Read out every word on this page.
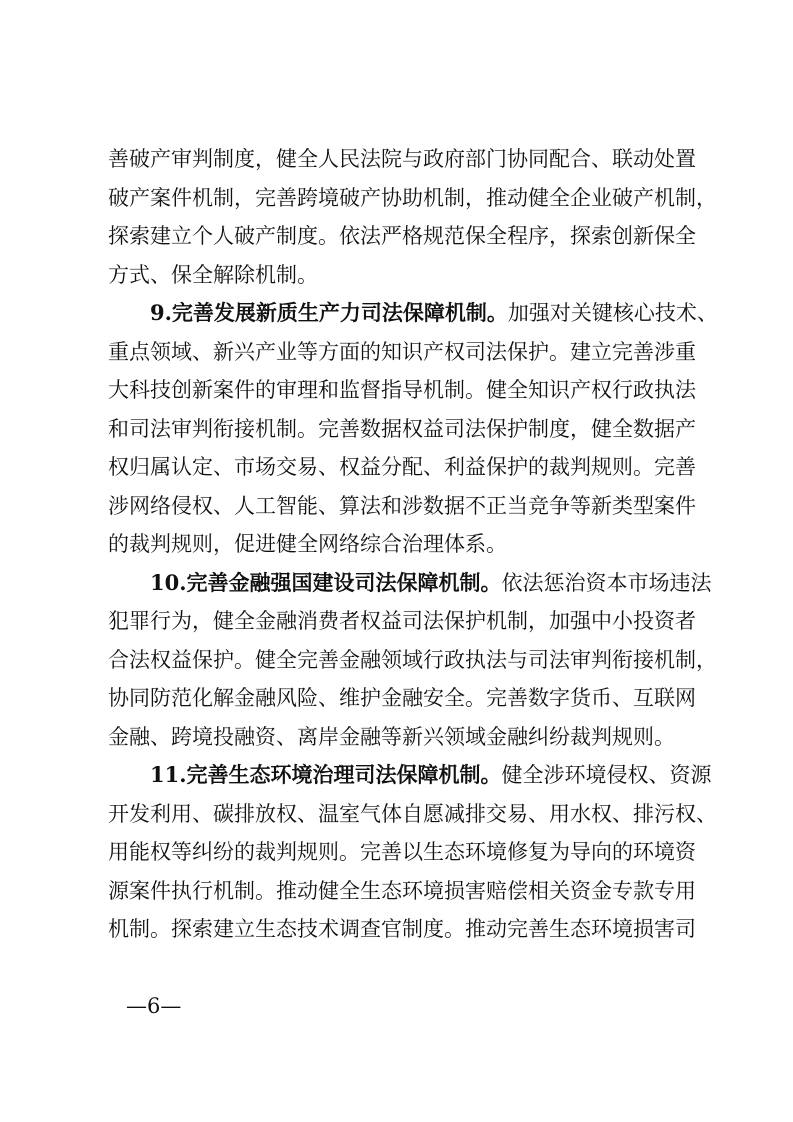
善破产审判制度，健全人民法院与政府部门协同配合、联动处置
破产案件机制，完善跨境破产协助机制，推动健全企业破产机制，
探索建立个人破产制度。依法严格规范保全程序，探索创新保全
方式、保全解除机制。
9.完善发展新质生产力司法保障机制。加强对关键核心技术、
重点领域、新兴产业等方面的知识产权司法保护。建立完善涉重
大科技创新案件的审理和监督指导机制。健全知识产权行政执法
和司法审判衔接机制。完善数据权益司法保护制度，健全数据产
权归属认定、市场交易、权益分配、利益保护的裁判规则。完善
涉网络侵权、人工智能、算法和涉数据不正当竞争等新类型案件
的裁判规则，促进健全网络综合治理体系。
10.完善金融强国建设司法保障机制。依法惩治资本市场违法
犯罪行为，健全金融消费者权益司法保护机制，加强中小投资者
合法权益保护。健全完善金融领域行政执法与司法审判衔接机制，
协同防范化解金融风险、维护金融安全。完善数字货币、互联网
金融、跨境投融资、离岸金融等新兴领域金融纠纷裁判规则。
11.完善生态环境治理司法保障机制。健全涉环境侵权、资源
开发利用、碳排放权、温室气体自愿减排交易、用水权、排污权、
用能权等纠纷的裁判规则。完善以生态环境修复为导向的环境资
源案件执行机制。推动健全生态环境损害赔偿相关资金专款专用
机制。探索建立生态技术调查官制度。推动完善生态环境损害司
—6—
